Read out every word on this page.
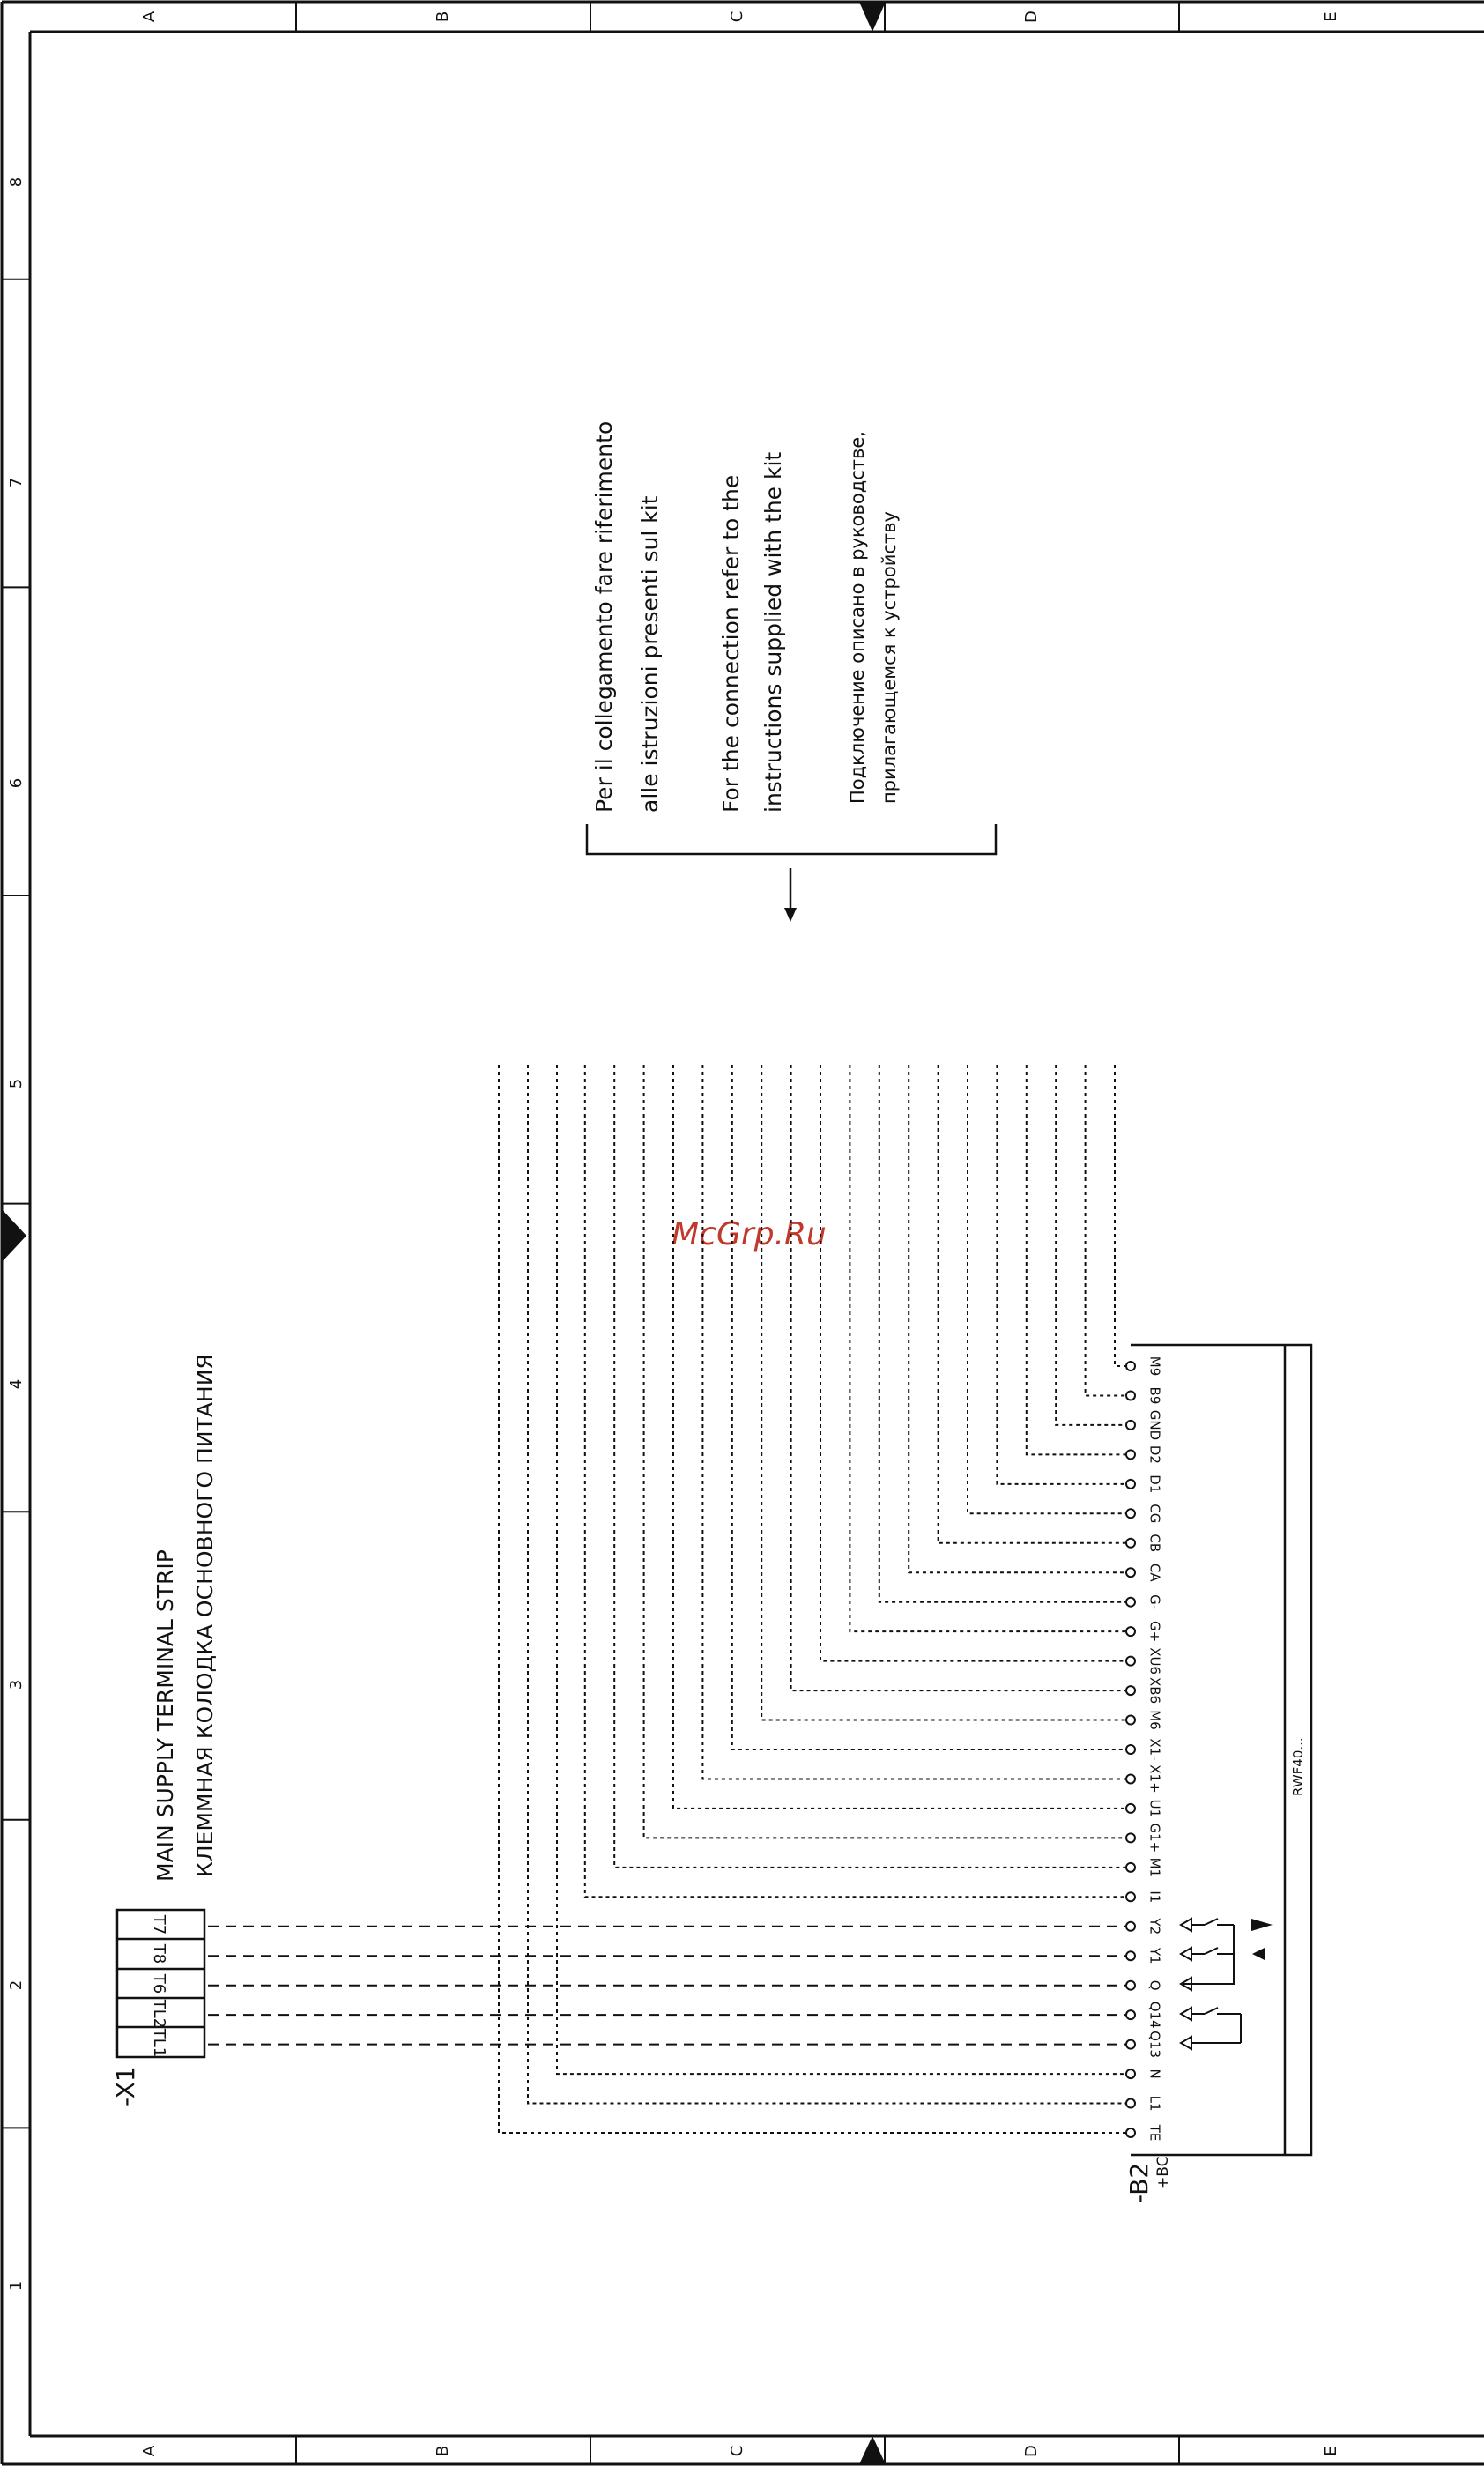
A
A
B
B
C
C
D
D
E
E
8
7
6
5
4
3
2
1
McGrp.Ru
Per il collegamento fare riferimento alle istruzioni presenti sul kit	For the connection refer to the instructions supplied with the kit	Подключение описано в руководстве, прилагающемся к устройству
MAIN SUPPLY TERMINAL STRIP КЛЕММНАЯ КОЛОДКА ОСНОВНОГО ПИТАНИЯ
-X1
T7
T8
T6
TL2
TL1
RWF40...
-B2 +BC
M9
B9
GND
D2
D1
CG
CB
CA
G-
G+
XU6
XB6
M6
X1-
X1+
U1
G1+
M1
I1
Y2
Y1
Q
Q14
Q13
N
L1
TE
